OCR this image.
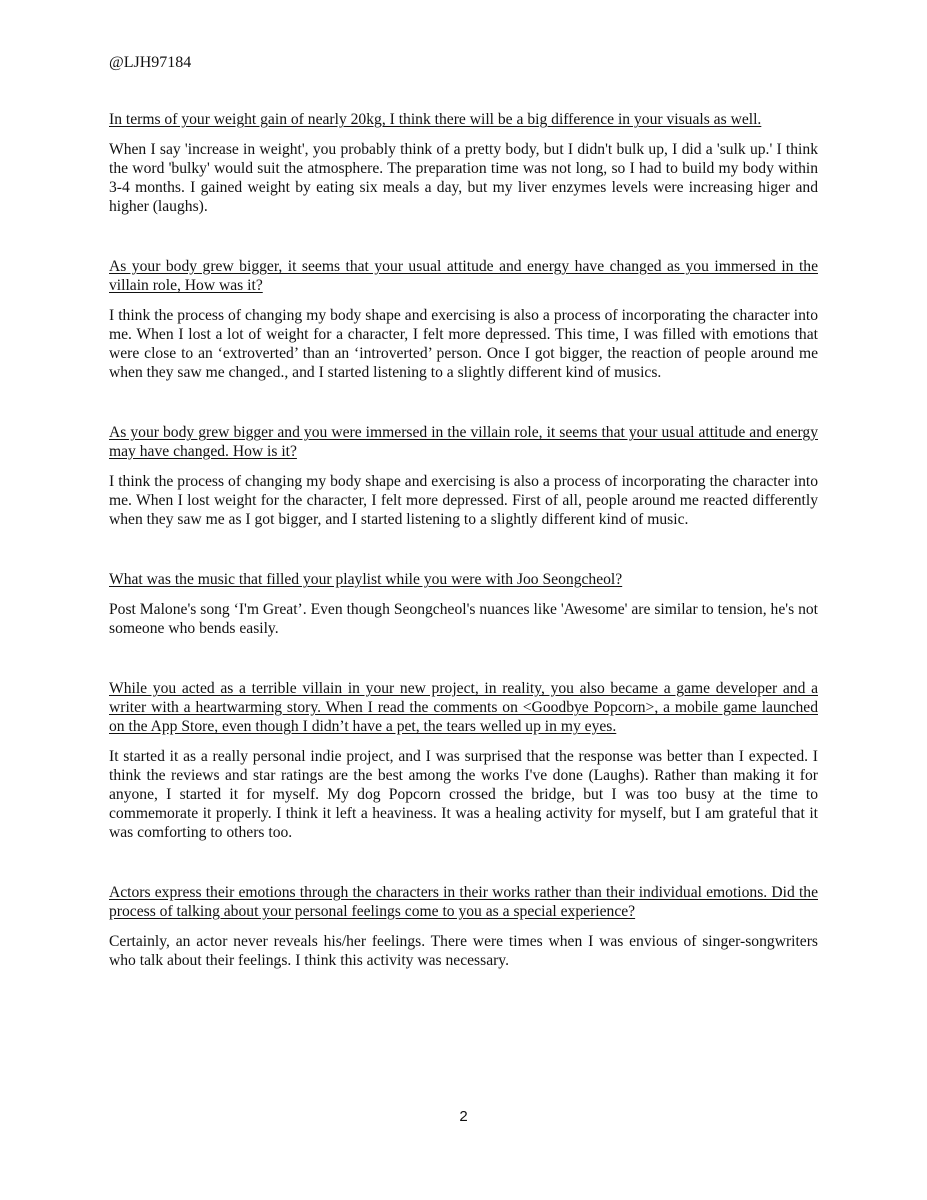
@LJH97184

In terms of your weight gain of nearly 20kg, I think there will be a big difference in your visuals as well.

When I say 'increase in weight', you probably think of a pretty body, but I didn't bulk up, I did a 'sulk up.' I think the word 'bulky' would suit the atmosphere. The preparation time was not long, so I had to build my body within 3-4 months. I gained weight by eating six meals a day, but my liver enzymes levels were increasing higer and higher (laughs).

As your body grew bigger, it seems that your usual attitude and energy have changed as you immersed in the villain role, How was it?

I think the process of changing my body shape and exercising is also a process of incorporating the character into me. When I lost a lot of weight for a character, I felt more depressed. This time, I was filled with emotions that were close to an ‘extroverted’ than an ‘introverted’ person. Once I got bigger, the reaction of people around me when they saw me changed., and I started listening to a slightly different kind of musics.

As your body grew bigger and you were immersed in the villain role, it seems that your usual attitude and energy may have changed. How is it?

I think the process of changing my body shape and exercising is also a process of incorporating the character into me. When I lost weight for the character, I felt more depressed. First of all, people around me reacted differently when they saw me as I got bigger, and I started listening to a slightly different kind of music.

What was the music that filled your playlist while you were with Joo Seongcheol?

Post Malone's song ‘I'm Great’. Even though Seongcheol's nuances like 'Awesome' are similar to tension, he's not someone who bends easily.

While you acted as a terrible villain in your new project, in reality, you also became a game developer and a writer with a heartwarming story. When I read the comments on <Goodbye Popcorn>, a mobile game launched on the App Store, even though I didn’t have a pet, the tears welled up in my eyes.

It started it as a really personal indie project, and I was surprised that the response was better than I expected. I think the reviews and star ratings are the best among the works I've done (Laughs). Rather than making it for anyone, I started it for myself. My dog Popcorn crossed the bridge, but I was too busy at the time to commemorate it properly. I think it left a heaviness. It was a healing activity for myself, but I am grateful that it was comforting to others too.

Actors express their emotions through the characters in their works rather than their individual emotions. Did the process of talking about your personal feelings come to you as a special experience?

Certainly, an actor never reveals his/her feelings. There were times when I was envious of singer-songwriters who talk about their feelings. I think this activity was necessary.

2
